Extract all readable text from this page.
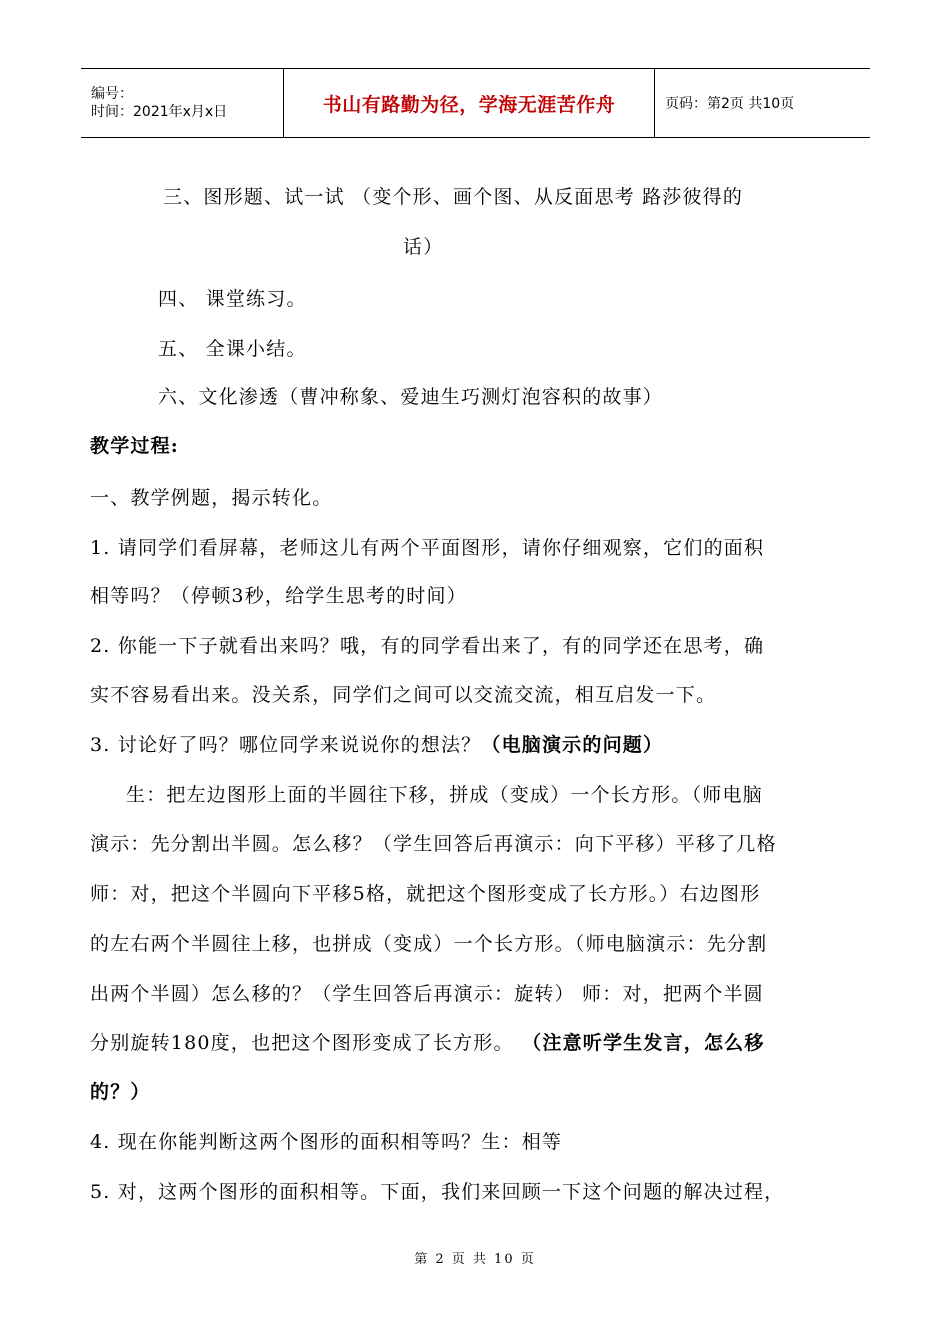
编号：
时间：2021年x月x日	书山有路勤为径，学海无涯苦作舟	页码：第2页 共10页
三、图形题、试一试 （变个形、画个图、从反面思考 路莎彼得的
话）
四、 课堂练习。
五、 全课小结。
六、文化渗透（曹冲称象、爱迪生巧测灯泡容积的故事）
教学过程:
一、教学例题，揭示转化。
1. 请同学们看屏幕，老师这儿有两个平面图形，请你仔细观察，它们的面积
相等吗？（停顿3秒，给学生思考的时间）
2. 你能一下子就看出来吗？哦，有的同学看出来了，有的同学还在思考，确
实不容易看出来。没关系，同学们之间可以交流交流，相互启发一下。
3. 讨论好了吗？哪位同学来说说你的想法？（电脑演示的问题）
生：把左边图形上面的半圆往下移，拼成（变成）一个长方形。（师电脑
演示：先分割出半圆。怎么移？（学生回答后再演示：向下平移）平移了几格
师：对，把这个半圆向下平移5格，就把这个图形变成了长方形。）右边图形
的左右两个半圆往上移，也拼成（变成）一个长方形。（师电脑演示：先分割
出两个半圆）怎么移的？（学生回答后再演示：旋转） 师：对，把两个半圆
分别旋转180度，也把这个图形变成了长方形。 （注意听学生发言，怎么移
的？）
4. 现在你能判断这两个图形的面积相等吗？生：相等
5. 对，这两个图形的面积相等。下面，我们来回顾一下这个问题的解决过程，
第 2 页 共 10 页
